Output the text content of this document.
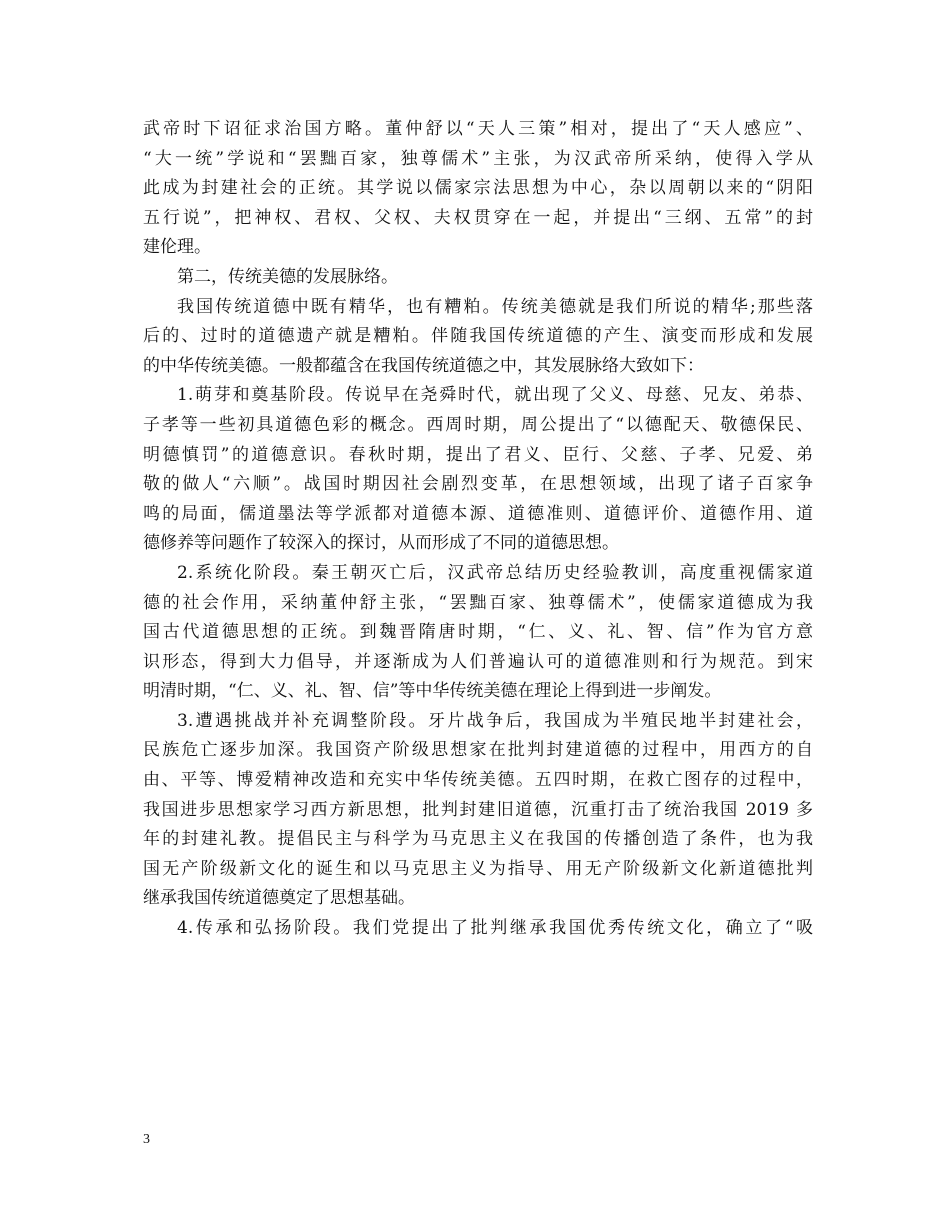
武帝时下诏征求治国方略。董仲舒以“天人三策”相对，提出了“天人感应”、
“大一统”学说和“罢黜百家，独尊儒术”主张，为汉武帝所采纳，使得入学从
此成为封建社会的正统。其学说以儒家宗法思想为中心，杂以周朝以来的“阴阳
五行说”，把神权、君权、父权、夫权贯穿在一起，并提出“三纲、五常”的封
建伦理。
第二，传统美德的发展脉络。
我国传统道德中既有精华，也有糟粕。传统美德就是我们所说的精华;那些落
后的、过时的道德遗产就是糟粕。伴随我国传统道德的产生、演变而形成和发展
的中华传统美德。一般都蕴含在我国传统道德之中，其发展脉络大致如下：
1.萌芽和奠基阶段。传说早在尧舜时代，就出现了父义、母慈、兄友、弟恭、
子孝等一些初具道德色彩的概念。西周时期，周公提出了“以德配天、敬德保民、
明德慎罚”的道德意识。春秋时期，提出了君义、臣行、父慈、子孝、兄爱、弟
敬的做人“六顺”。战国时期因社会剧烈变革，在思想领域，出现了诸子百家争
鸣的局面，儒道墨法等学派都对道德本源、道德准则、道德评价、道德作用、道
德修养等问题作了较深入的探讨，从而形成了不同的道德思想。
2.系统化阶段。秦王朝灭亡后，汉武帝总结历史经验教训，高度重视儒家道
德的社会作用，采纳董仲舒主张，“罢黜百家、独尊儒术”，使儒家道德成为我
国古代道德思想的正统。到魏晋隋唐时期，“仁、义、礼、智、信”作为官方意
识形态，得到大力倡导，并逐渐成为人们普遍认可的道德准则和行为规范。到宋
明清时期，“仁、义、礼、智、信”等中华传统美德在理论上得到进一步阐发。
3.遭遇挑战并补充调整阶段。牙片战争后，我国成为半殖民地半封建社会，
民族危亡逐步加深。我国资产阶级思想家在批判封建道德的过程中，用西方的自
由、平等、博爱精神改造和充实中华传统美德。五四时期，在救亡图存的过程中，
我国进步思想家学习西方新思想，批判封建旧道德，沉重打击了统治我国 2019 多
年的封建礼教。提倡民主与科学为马克思主义在我国的传播创造了条件，也为我
国无产阶级新文化的诞生和以马克思主义为指导、用无产阶级新文化新道德批判
继承我国传统道德奠定了思想基础。
4.传承和弘扬阶段。我们党提出了批判继承我国优秀传统文化，确立了“吸
3
